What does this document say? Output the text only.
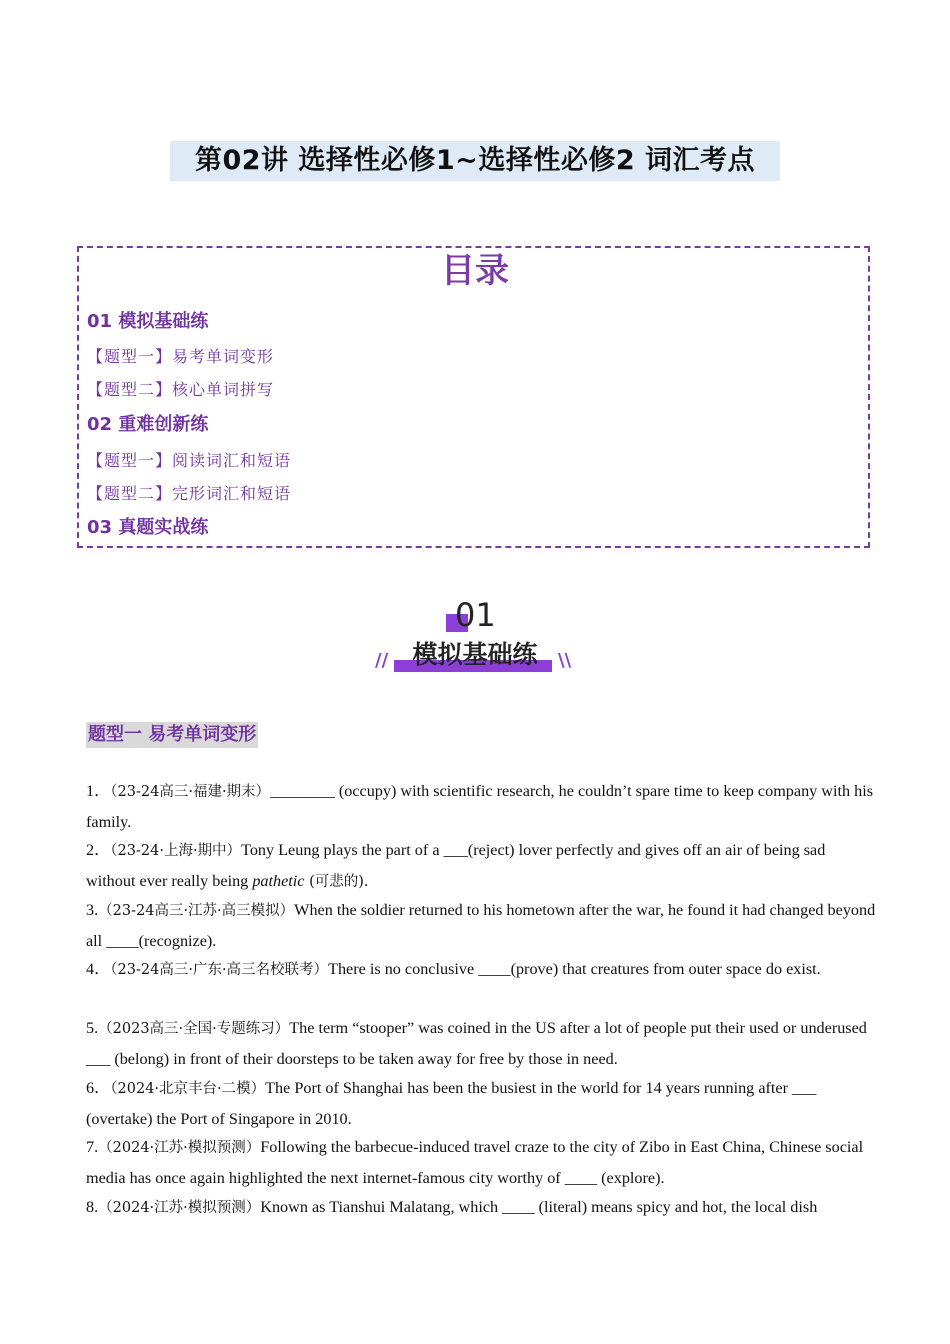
第02讲 选择性必修1~选择性必修2 词汇考点
目录
01 模拟基础练
【题型一】易考单词变形
【题型二】核心单词拼写
02 重难创新练
【题型一】阅读词汇和短语
【题型二】完形词汇和短语
03 真题实战练
01
模拟基础练
//	\\
题型一 易考单词变形
1．（23-24高三·福建·期末）________ (occupy) with scientific research, he couldn’t spare time to keep company with his family.
2．（23-24·上海·期中）Tony Leung plays the part of a ___(reject) lover perfectly and gives off an air of being sad without ever really being pathetic (可悲的).
3.（23-24高三·江苏·高三模拟）When the soldier returned to his hometown after the war, he found it had changed beyond all ____(recognize).
4．（23-24高三·广东·高三名校联考）There is no conclusive ____(prove) that creatures from outer space do exist.
5.（2023高三·全国·专题练习）The term “stooper” was coined in the US after a lot of people put their used or underused ___ (belong) in front of their doorsteps to be taken away for free by those in need.
6．（2024·北京丰台·二模）The Port of Shanghai has been the busiest in the world for 14 years running after ___ (overtake) the Port of Singapore in 2010.
7.（2024·江苏·模拟预测）Following the barbecue-induced travel craze to the city of Zibo in East China, Chinese social media has once again highlighted the next internet-famous city worthy of ____ (explore).
8.（2024·江苏·模拟预测）Known as Tianshui Malatang, which ____ (literal) means spicy and hot, the local dish
